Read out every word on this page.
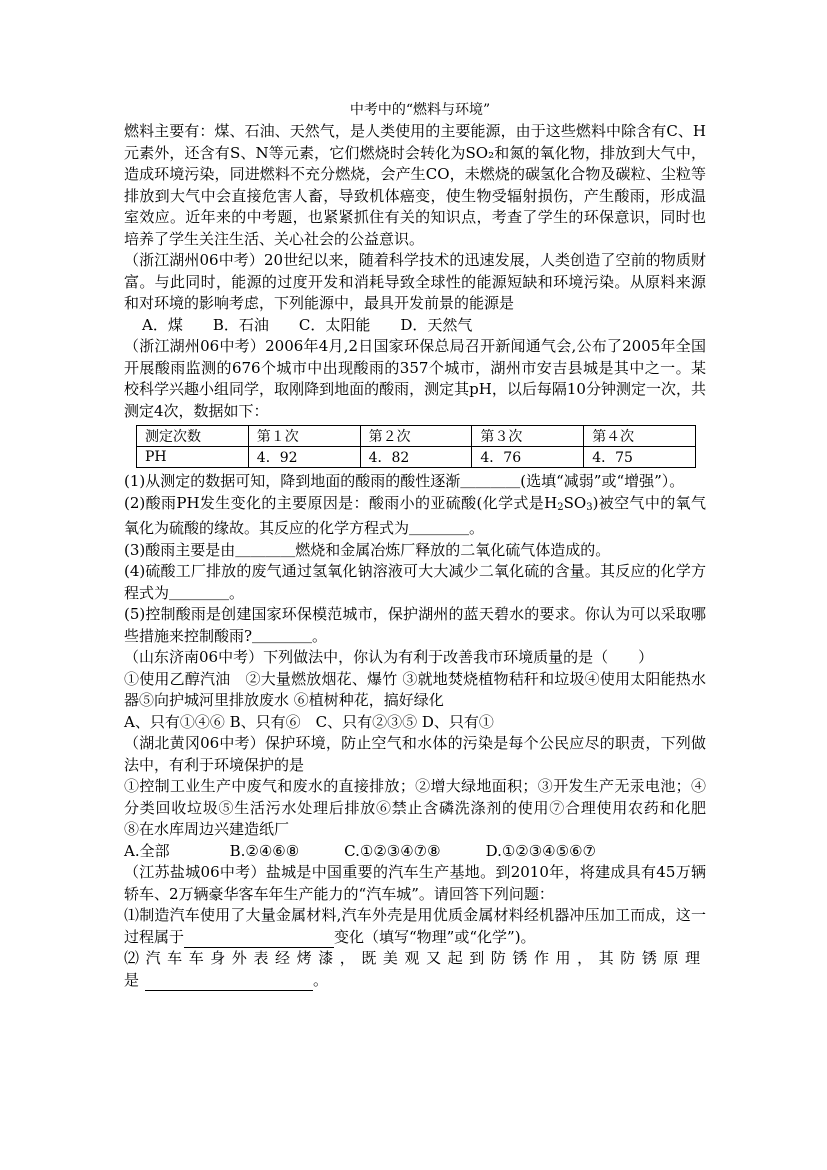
中考中的“燃料与环境”

燃料主要有：煤、石油、天然气，是人类使用的主要能源，由于这些燃料中除含有C、H元素外，还含有S、N等元素，它们燃烧时会转化为SO₂和氮的氧化物，排放到大气中，造成环境污染，同进燃料不充分燃烧，会产生CO，未燃烧的碳氢化合物及碳粒、尘粒等排放到大气中会直接危害人畜，导致机体癌变，使生物受辐射损伤，产生酸雨，形成温室效应。近年来的中考题，也紧紧抓住有关的知识点，考查了学生的环保意识，同时也培养了学生关注生活、关心社会的公益意识。

（浙江湖州06中考）20世纪以来，随着科学技术的迅速发展，人类创造了空前的物质财富。与此同时，能源的过度开发和消耗导致全球性的能源短缺和环境污染。从原料来源和对环境的影响考虑，下列能源中，最具开发前景的能源是

A．煤　　B．石油　　C．太阳能　　D．天然气

（浙江湖州06中考）2006年4月,2日国家环保总局召开新闻通气会,公布了2005年全国开展酸雨监测的676个城市中出现酸雨的357个城市，湖州市安吉县城是其中之一。某校科学兴趣小组同学，取刚降到地面的酸雨，测定其pH，以后每隔10分钟测定一次，共测定4次，数据如下：

测定次数	第１次	第２次	第３次	第４次
PH	4．92	4．82	4．76	4．75

(1)从测定的数据可知，降到地面的酸雨的酸性逐渐＿＿＿＿(选填“减弱”或“增强”）。

(2)酸雨PH发生变化的主要原因是：酸雨小的亚硫酸(化学式是$H_2SO_3$)被空气中的氧气氧化为硫酸的缘故。其反应的化学方程式为＿＿＿＿。

(3)酸雨主要是由＿＿＿＿燃烧和金属冶炼厂释放的二氧化硫气体造成的。

(4)硫酸工厂排放的废气通过氢氧化钠溶液可大大减少二氧化硫的含量。其反应的化学方程式为＿＿＿＿。

(5)控制酸雨是创建国家环保模范城市，保护湖州的蓝天碧水的要求。你认为可以采取哪些措施来控制酸雨?＿＿＿＿。

（山东济南06中考）下列做法中，你认为有利于改善我市环境质量的是（　　）

①使用乙醇汽油　②大量燃放烟花、爆竹 ③就地焚烧植物秸秆和垃圾④使用太阳能热水器⑤向护城河里排放废水 ⑥植树种花，搞好绿化

A、只有①④⑥ B、只有⑥　C、只有②③⑤ D、只有①

（湖北黄冈06中考）保护环境，防止空气和水体的污染是每个公民应尽的职责，下列做法中，有利于环境保护的是

①控制工业生产中废气和废水的直接排放；②增大绿地面积；③开发生产无汞电池；④分类回收垃圾⑤生活污水处理后排放⑥禁止含磷洗涤剂的使用⑦合理使用农药和化肥　⑧在水库周边兴建造纸厂

A.全部　　　　B.②④⑥⑧　　　C.①②③④⑦⑧　　　D.①②③④⑤⑥⑦

（江苏盐城06中考）盐城是中国重要的汽车生产基地。到2010年，将建成具有45万辆轿车、2万辆豪华客车年生产能力的“汽车城”。请回答下列问题：

⑴制造汽车使用了大量金属材料,汽车外壳是用优质金属材料经机器冲压加工而成，这一过程属于	变化（填写“物理”或“化学”)。

⑵汽车车身外表经烤漆，既美观又起到防锈作用，其防锈原理是	。
